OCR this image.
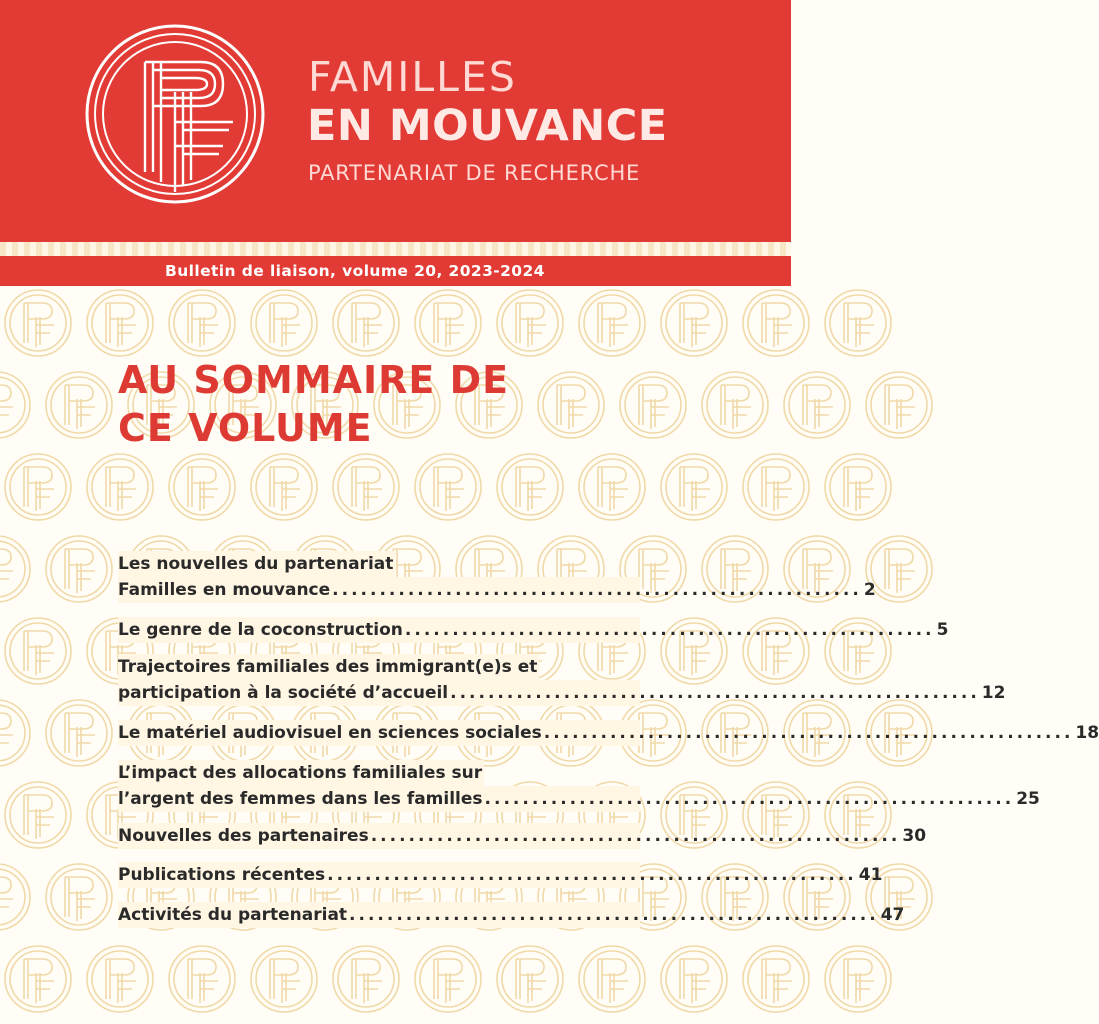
FAMILLES
EN MOUVANCE
PARTENARIAT DE RECHERCHE
Bulletin de liaison, volume 20, 2023-2024
AU SOMMAIRE DE
CE VOLUME
Les nouvelles du partenariat
Familles en mouvance ........................................................ 2
Le genre de la coconstruction ........................................................ 5
Trajectoires familiales des immigrant(e)s et
participation à la société d’accueil ........................................................ 12
Le matériel audiovisuel en sciences sociales ........................................................ 18
L’impact des allocations familiales sur
l’argent des femmes dans les familles ........................................................ 25
Nouvelles des partenaires ........................................................ 30
Publications récentes ........................................................ 41
Activités du partenariat ........................................................ 47
